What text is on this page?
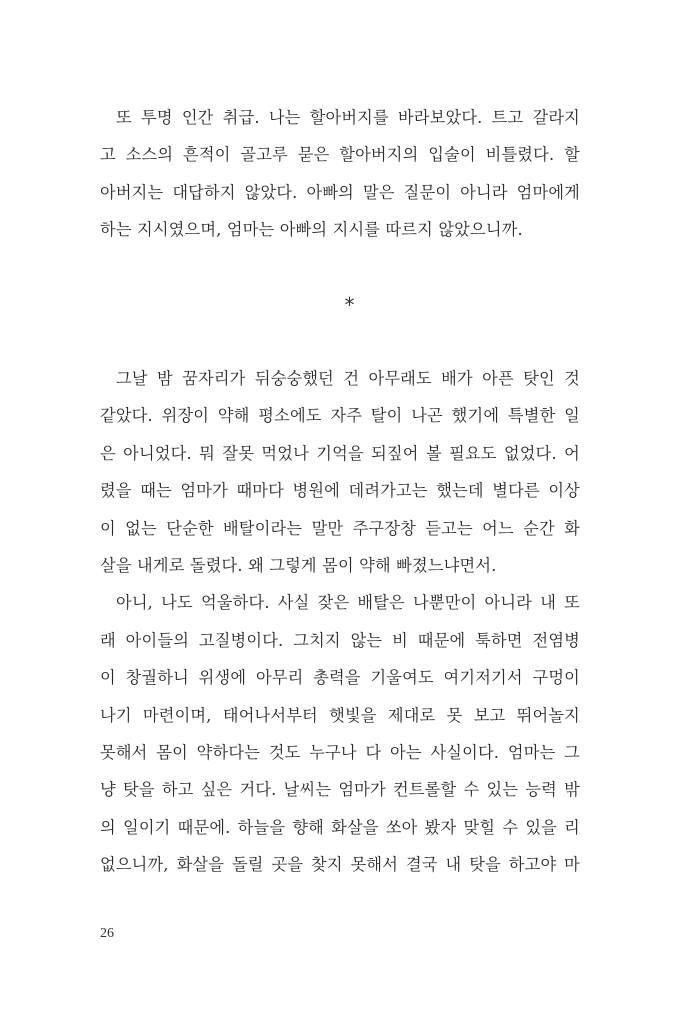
또 투명 인간 취급. 나는 할아버지를 바라보았다. 트고 갈라지
고 소스의 흔적이 골고루 묻은 할아버지의 입술이 비틀렸다. 할
아버지는 대답하지 않았다. 아빠의 말은 질문이 아니라 엄마에게
하는 지시였으며, 엄마는 아빠의 지시를 따르지 않았으니까.
*
그날 밤 꿈자리가 뒤숭숭했던 건 아무래도 배가 아픈 탓인 것
같았다. 위장이 약해 평소에도 자주 탈이 나곤 했기에 특별한 일
은 아니었다. 뭐 잘못 먹었나 기억을 되짚어 볼 필요도 없었다. 어
렸을 때는 엄마가 때마다 병원에 데려가고는 했는데 별다른 이상
이 없는 단순한 배탈이라는 말만 주구장창 듣고는 어느 순간 화
살을 내게로 돌렸다. 왜 그렇게 몸이 약해 빠졌느냐면서.
아니, 나도 억울하다. 사실 잦은 배탈은 나뿐만이 아니라 내 또
래 아이들의 고질병이다. 그치지 않는 비 때문에 툭하면 전염병
이 창궐하니 위생에 아무리 총력을 기울여도 여기저기서 구멍이
나기 마련이며, 태어나서부터 햇빛을 제대로 못 보고 뛰어놀지
못해서 몸이 약하다는 것도 누구나 다 아는 사실이다. 엄마는 그
냥 탓을 하고 싶은 거다. 날씨는 엄마가 컨트롤할 수 있는 능력 밖
의 일이기 때문에. 하늘을 향해 화살을 쏘아 봤자 맞힐 수 있을 리
없으니까, 화살을 돌릴 곳을 찾지 못해서 결국 내 탓을 하고야 마
26
